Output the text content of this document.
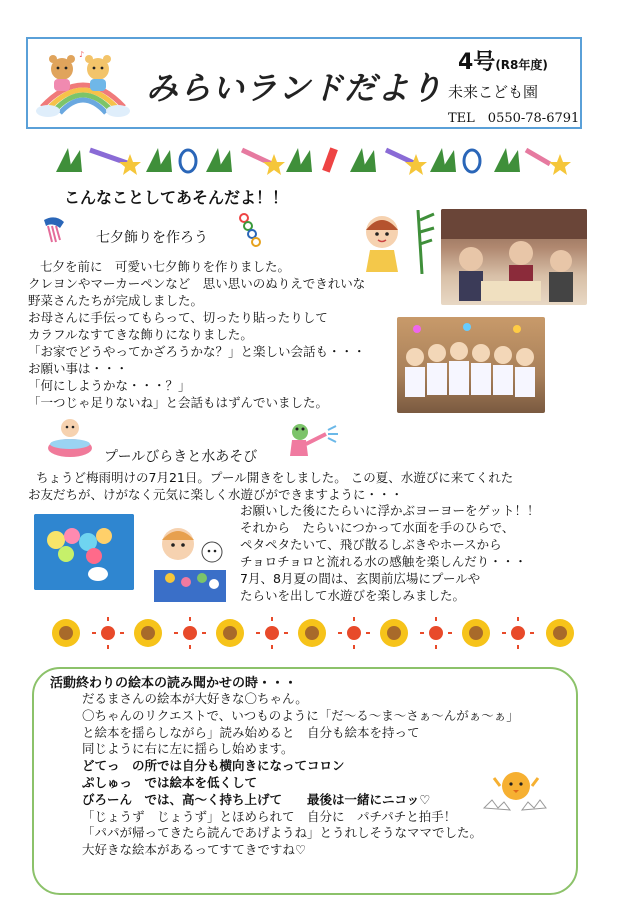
♪
みらいランドだより
4号(R8年度)
未来こども園
TEL　0550-78-6791
こんなことしてあそんだよ！！
七夕飾りを作ろう
七夕を前に　可愛い七夕飾りを作りました。
クレヨンやマーカーペンなど　思い思いのぬりえできれいな
野菜さんたちが完成しました。
お母さんに手伝ってもらって、切ったり貼ったりして
カラフルなすてきな飾りになりました。
「お家でどうやってかざろうかな？」と楽しい会話も・・・
お願い事は・・・
「何にしようかな・・・？」
「一つじゃ足りないね」と会話もはずんでいました。
プールびらきと水あそび
ちょうど梅雨明けの7月21日。プール開きをしました。 この夏、水遊びに来てくれた
お友だちが、けがなく元気に楽しく水遊びができますように・・・
お願いした後にたらいに浮かぶヨーヨーをゲット！！
それから　たらいにつかって水面を手のひらで、
ペタペタたいて、飛び散るしぶきやホースから
チョロチョロと流れる水の感触を楽しんだり・・・
7月、8月夏の間は、玄関前広場にプールや
たらいを出して水遊びを楽しみました。
活動終わりの絵本の読み聞かせの時・・・
だるまさんの絵本が大好きな〇ちゃん。
〇ちゃんのリクエストで、いつものように「だ～る～ま～さぁ～んがぁ～ぁ」
と絵本を揺らしながら」読み始めると　自分も絵本を持って
同じように右に左に揺らし始めます。
どてっ　の所では自分も横向きになってコロン
ぷしゅっ　では絵本を低くして
びろーん　では、高～く持ち上げて　　最後は一緒にニコッ♡
「じょうず　じょうず」とほめられて　自分に　パチパチと拍手！
「パパが帰ってきたら読んであげようね」とうれしそうなママでした。
大好きな絵本があるってすてきですね♡
